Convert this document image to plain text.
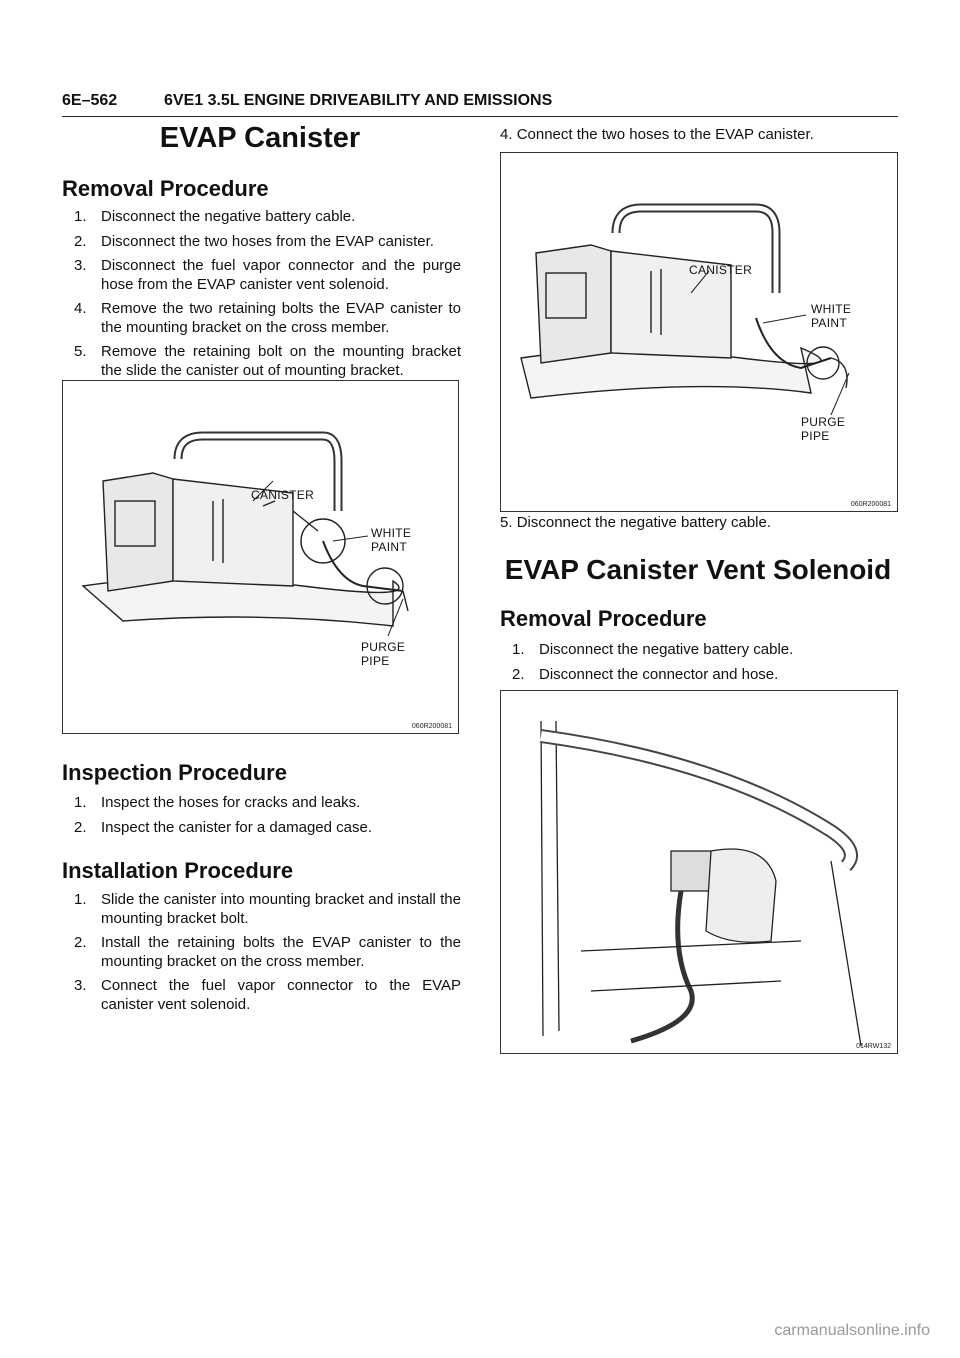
6E–562	6VE1 3.5L ENGINE DRIVEABILITY AND EMISSIONS
EVAP Canister
Removal Procedure
1. Disconnect the negative battery cable.
2. Disconnect the two hoses from the EVAP canister.
3. Disconnect the fuel vapor connector and the purge hose from the EVAP canister vent solenoid.
4. Remove the two retaining bolts the EVAP canister to the mounting bracket on the cross member.
5. Remove the retaining bolt on the mounting bracket the slide the canister out of mounting bracket.
CANISTER
WHITE
PAINT
PURGE
PIPE
060R200081
Inspection Procedure
1. Inspect the hoses for cracks and leaks.
2. Inspect the canister for a damaged case.
Installation Procedure
1. Slide the canister into mounting bracket and install the mounting bracket bolt.
2. Install the retaining bolts the EVAP canister to the mounting bracket on the cross member.
3. Connect the fuel vapor connector to the EVAP canister vent solenoid.
4. Connect the two hoses to the EVAP canister.
CANISTER
WHITE
PAINT
PURGE
PIPE
060R200081
5. Disconnect the negative battery cable.
EVAP Canister Vent Solenoid
Removal Procedure
1. Disconnect the negative battery cable.
2. Disconnect the connector and hose.
014RW132
carmanualsonline.info
